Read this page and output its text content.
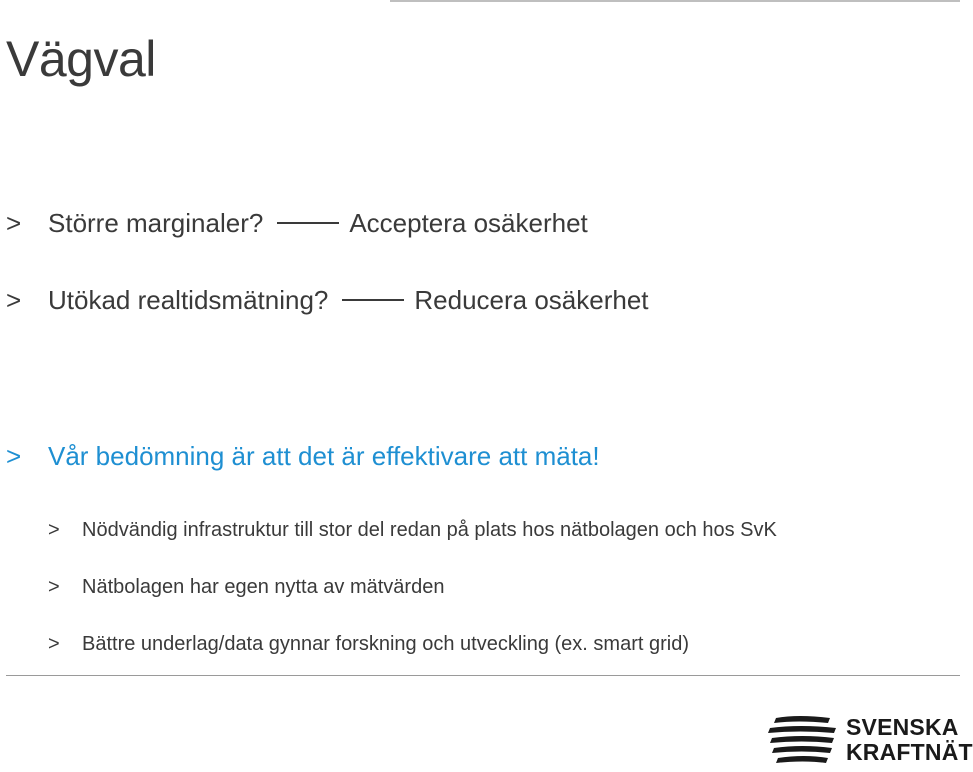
Vägval
> Större marginaler?	Acceptera osäkerhet
> Utökad realtidsmätning?	Reducera osäkerhet
> Vår bedömning är att det är effektivare att mäta!
> Nödvändig infrastruktur till stor del redan på plats hos nätbolagen och hos SvK
> Nätbolagen har egen nytta av mätvärden
> Bättre underlag/data gynnar forskning och utveckling (ex. smart grid)
SVENSKA
KRAFTNÄT
